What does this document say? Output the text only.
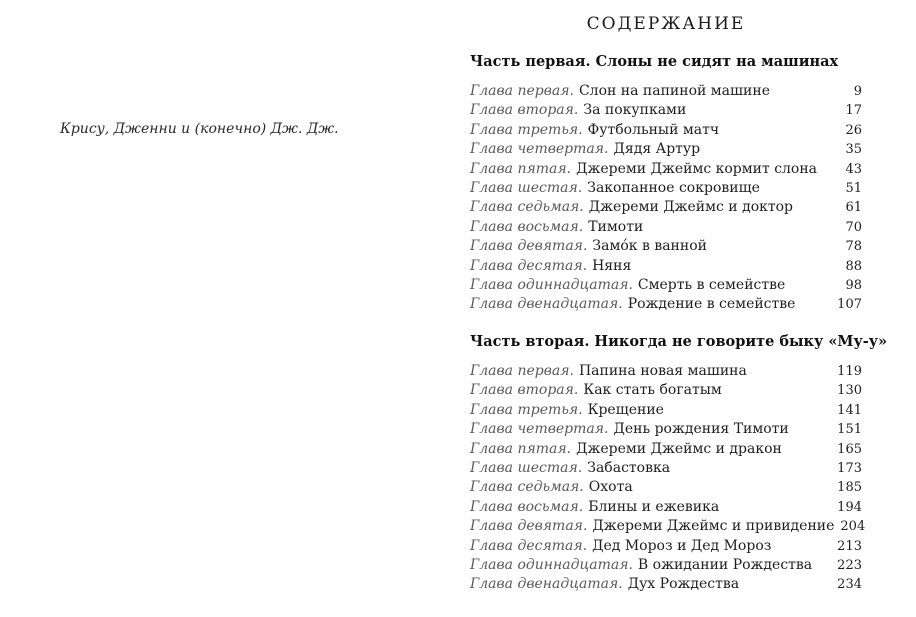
Крису, Дженни и (конечно) Дж. Дж.
СОДЕРЖАНИЕ
Часть первая. Слоны не сидят на машинах
Глава первая . Слон на папиной машине	9
Глава вторая . За покупками	17
Глава третья . Футбольный матч	26
Глава четвертая . Дядя Артур	35
Глава пятая . Джереми Джеймс кормит слона	43
Глава шестая . Закопанное сокровище	51
Глава седьмая . Джереми Джеймс и доктор	61
Глава восьмая . Тимоти	70
Глава девятая . Замóк в ванной	78
Глава десятая . Няня	88
Глава одиннадцатая . Смерть в семействе	98
Глава двенадцатая . Рождение в семействе	107
Часть вторая. Никогда не говорите быку «Му-у»
Глава первая . Папина новая машина	119
Глава вторая . Как стать богатым	130
Глава третья . Крещение	141
Глава четвертая . День рождения Тимоти	151
Глава пятая . Джереми Джеймс и дракон	165
Глава шестая . Забастовка	173
Глава седьмая . Охота	185
Глава восьмая . Блины и ежевика	194
Глава девятая . Джереми Джеймс и привидение 204
Глава десятая . Дед Мороз и Дед Мороз	213
Глава одиннадцатая . В ожидании Рождества	223
Глава двенадцатая . Дух Рождества	234
